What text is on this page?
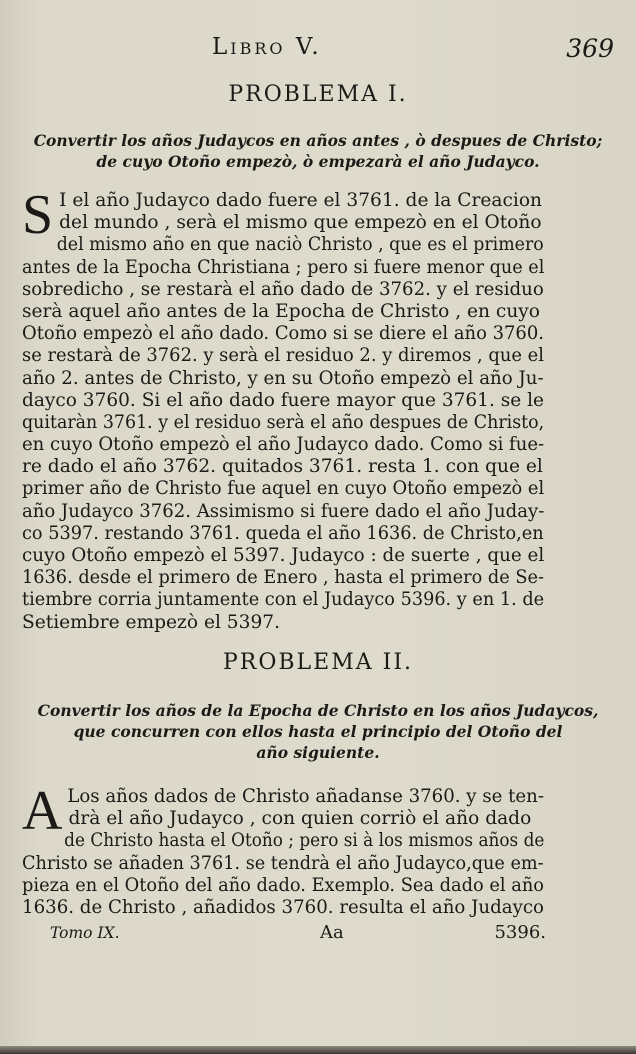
Libro V.	369
PROBLEMA I.
Convertir los años Judaycos en años antes , ò despues de Christo;
de cuyo Otoño empezò, ò empezarà el año Judayco.
S I el año Judayco dado fuere el 3761. de la Creacion
del mundo , serà el mismo que empezò en el Otoño
del mismo año en que naciò Christo , que es el primero
antes de la Epocha Christiana ; pero si fuere menor que el
sobredicho , se restarà el año dado de 3762. y el residuo
serà aquel año antes de la Epocha de Christo , en cuyo
Otoño empezò el año dado. Como si se diere el año 3760.
se restarà de 3762. y serà el residuo 2. y diremos , que el
año 2. antes de Christo, y en su Otoño empezò el año Ju-
dayco 3760. Si el año dado fuere mayor que 3761. se le
quitaràn 3761. y el residuo serà el año despues de Christo,
en cuyo Otoño empezò el año Judayco dado. Como si fue-
re dado el año 3762. quitados 3761. resta 1. con que el
primer año de Christo fue aquel en cuyo Otoño empezò el
año Judayco 3762. Assimismo si fuere dado el año Juday-
co 5397. restando 3761. queda el año 1636. de Christo,en
cuyo Otoño empezò el 5397. Judayco : de suerte , que el
1636. desde el primero de Enero , hasta el primero de Se-
tiembre corria juntamente con el Judayco 5396. y en 1. de
Setiembre empezò el 5397.
PROBLEMA II.
Convertir los años de la Epocha de Christo en los años Judaycos,
que concurren con ellos hasta el principio del Otoño del
año siguiente.
A Los años dados de Christo añadanse 3760. y se ten-
drà el año Judayco , con quien corriò el año dado
de Christo hasta el Otoño ; pero si à los mismos años de
Christo se añaden 3761. se tendrà el año Judayco,que em-
pieza en el Otoño del año dado. Exemplo. Sea dado el año
1636. de Christo , añadidos 3760. resulta el año Judayco
Tomo IX.	Aa	5396.
